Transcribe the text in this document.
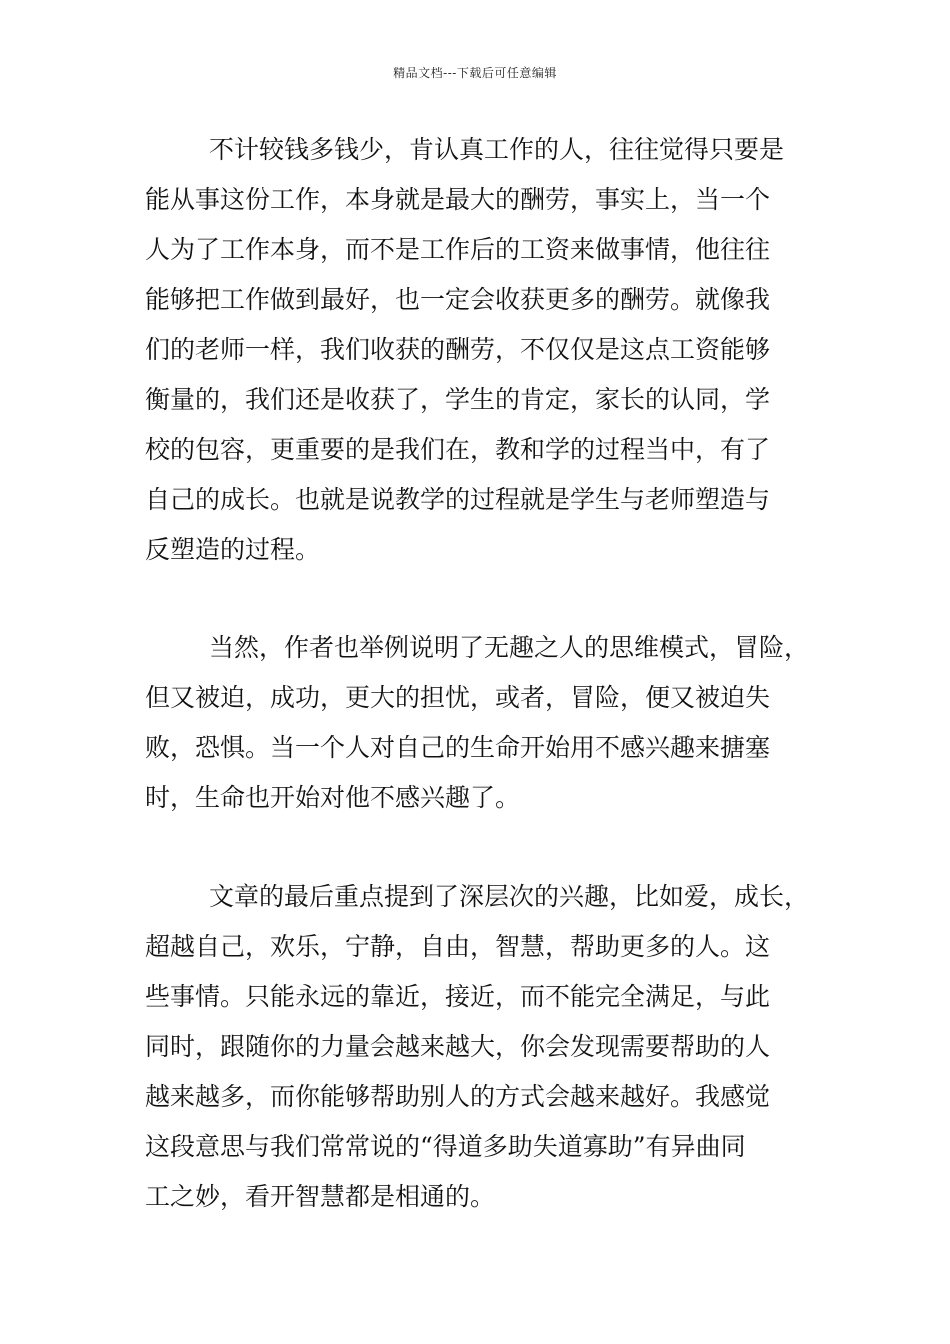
精品文档---下载后可任意编辑
不计较钱多钱少，肯认真工作的人，往往觉得只要是
能从事这份工作，本身就是最大的酬劳，事实上，当一个
人为了工作本身，而不是工作后的工资来做事情，他往往
能够把工作做到最好，也一定会收获更多的酬劳。就像我
们的老师一样，我们收获的酬劳，不仅仅是这点工资能够
衡量的，我们还是收获了，学生的肯定，家长的认同，学
校的包容，更重要的是我们在，教和学的过程当中，有了
自己的成长。也就是说教学的过程就是学生与老师塑造与
反塑造的过程。
当然，作者也举例说明了无趣之人的思维模式，冒险，
但又被迫，成功，更大的担忧，或者，冒险，便又被迫失
败，恐惧。当一个人对自己的生命开始用不感兴趣来搪塞
时，生命也开始对他不感兴趣了。
文章的最后重点提到了深层次的兴趣，比如爱，成长，
超越自己，欢乐，宁静，自由，智慧，帮助更多的人。这
些事情。只能永远的靠近，接近，而不能完全满足，与此
同时，跟随你的力量会越来越大，你会发现需要帮助的人
越来越多，而你能够帮助别人的方式会越来越好。我感觉
这段意思与我们常常说的“得道多助失道寡助”有异曲同
工之妙，看开智慧都是相通的。
